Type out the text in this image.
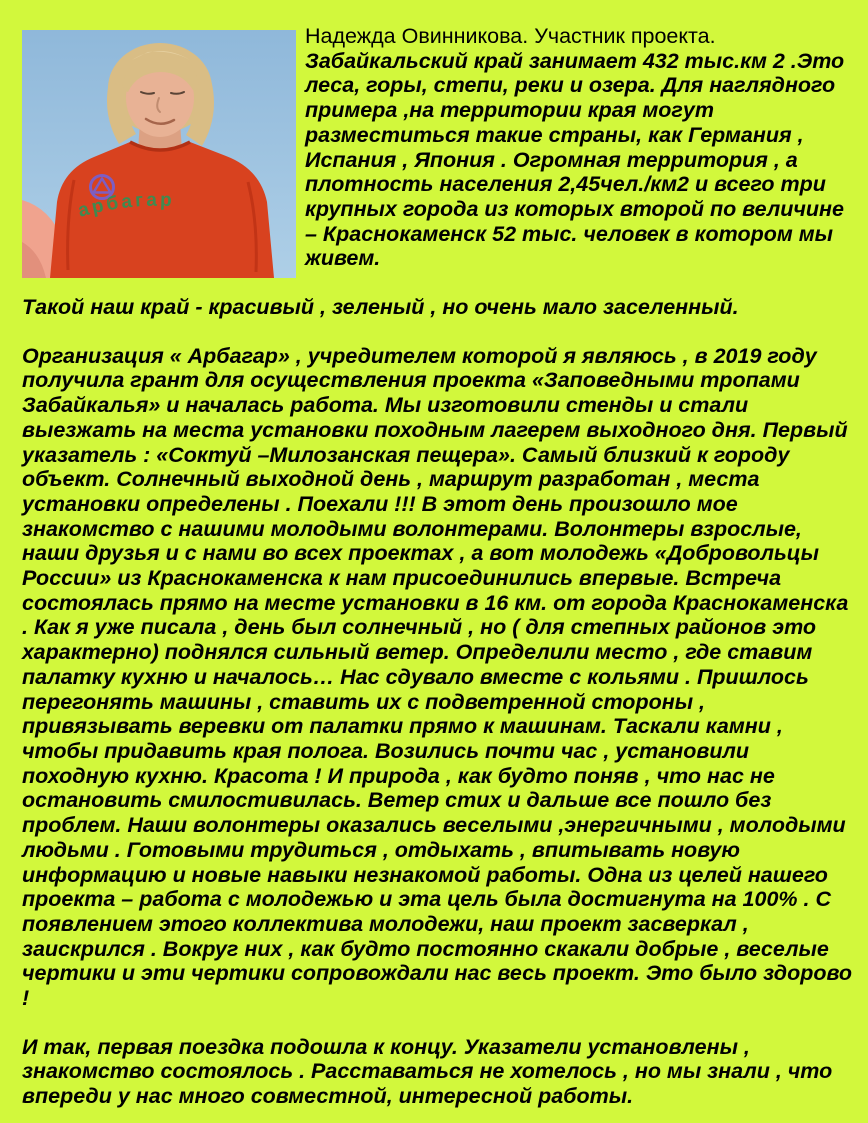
арбагар

Надежда Овинникова. Участник проекта. Забайкальский край занимает 432 тыс.км 2 .Это леса, горы, степи, реки и озера. Для наглядного примера ,на территории края могут разместиться такие страны, как Германия , Испания , Япония . Огромная территория , а плотность населения 2,45чел./км2 и всего три крупных города из которых второй по величине – Краснокаменск 52 тыс. человек в котором мы живем.

Такой наш край - красивый , зеленый , но очень мало заселенный.

Организация « Арбагар» , учредителем которой я являюсь , в 2019 году получила грант для осуществления проекта «Заповедными тропами Забайкалья» и началась работа. Мы изготовили стенды и стали выезжать на места установки походным лагерем выходного дня. Первый указатель : «Соктуй –Милозанская пещера». Самый близкий к городу объект. Солнечный выходной день , маршрут разработан , места установки определены . Поехали !!! В этот день произошло мое знакомство с нашими молодыми волонтерами. Волонтеры взрослые, наши друзья и с нами во всех проектах , а вот молодежь «Добровольцы России» из Краснокаменска к нам присоединились впервые. Встреча состоялась прямо на месте установки в 16 км. от города Краснокаменска . Как я уже писала , день был солнечный , но ( для степных районов это характерно) поднялся сильный ветер. Определили место , где ставим палатку кухню и началось… Нас сдувало вместе с кольями . Пришлось перегонять машины , ставить их с подветренной стороны , привязывать веревки от палатки прямо к машинам. Таскали камни , чтобы придавить края полога. Возились почти час , установили походную кухню. Красота ! И природа , как будто поняв , что нас не остановить смилостивилась. Ветер стих и дальше все пошло без проблем. Наши волонтеры оказались веселыми ,энергичными , молодыми людьми . Готовыми трудиться , отдыхать , впитывать новую информацию и новые навыки незнакомой работы. Одна из целей нашего проекта – работа с молодежью и эта цель была достигнута на 100% . С появлением этого коллектива молодежи, наш проект засверкал , заискрился . Вокруг них , как будто постоянно скакали добрые , веселые чертики и эти чертики сопровождали нас весь проект. Это было здорово !

И так, первая поездка подошла к концу. Указатели установлены , знакомство состоялось . Расставаться не хотелось , но мы знали , что впереди у нас много совместной, интересной работы.
